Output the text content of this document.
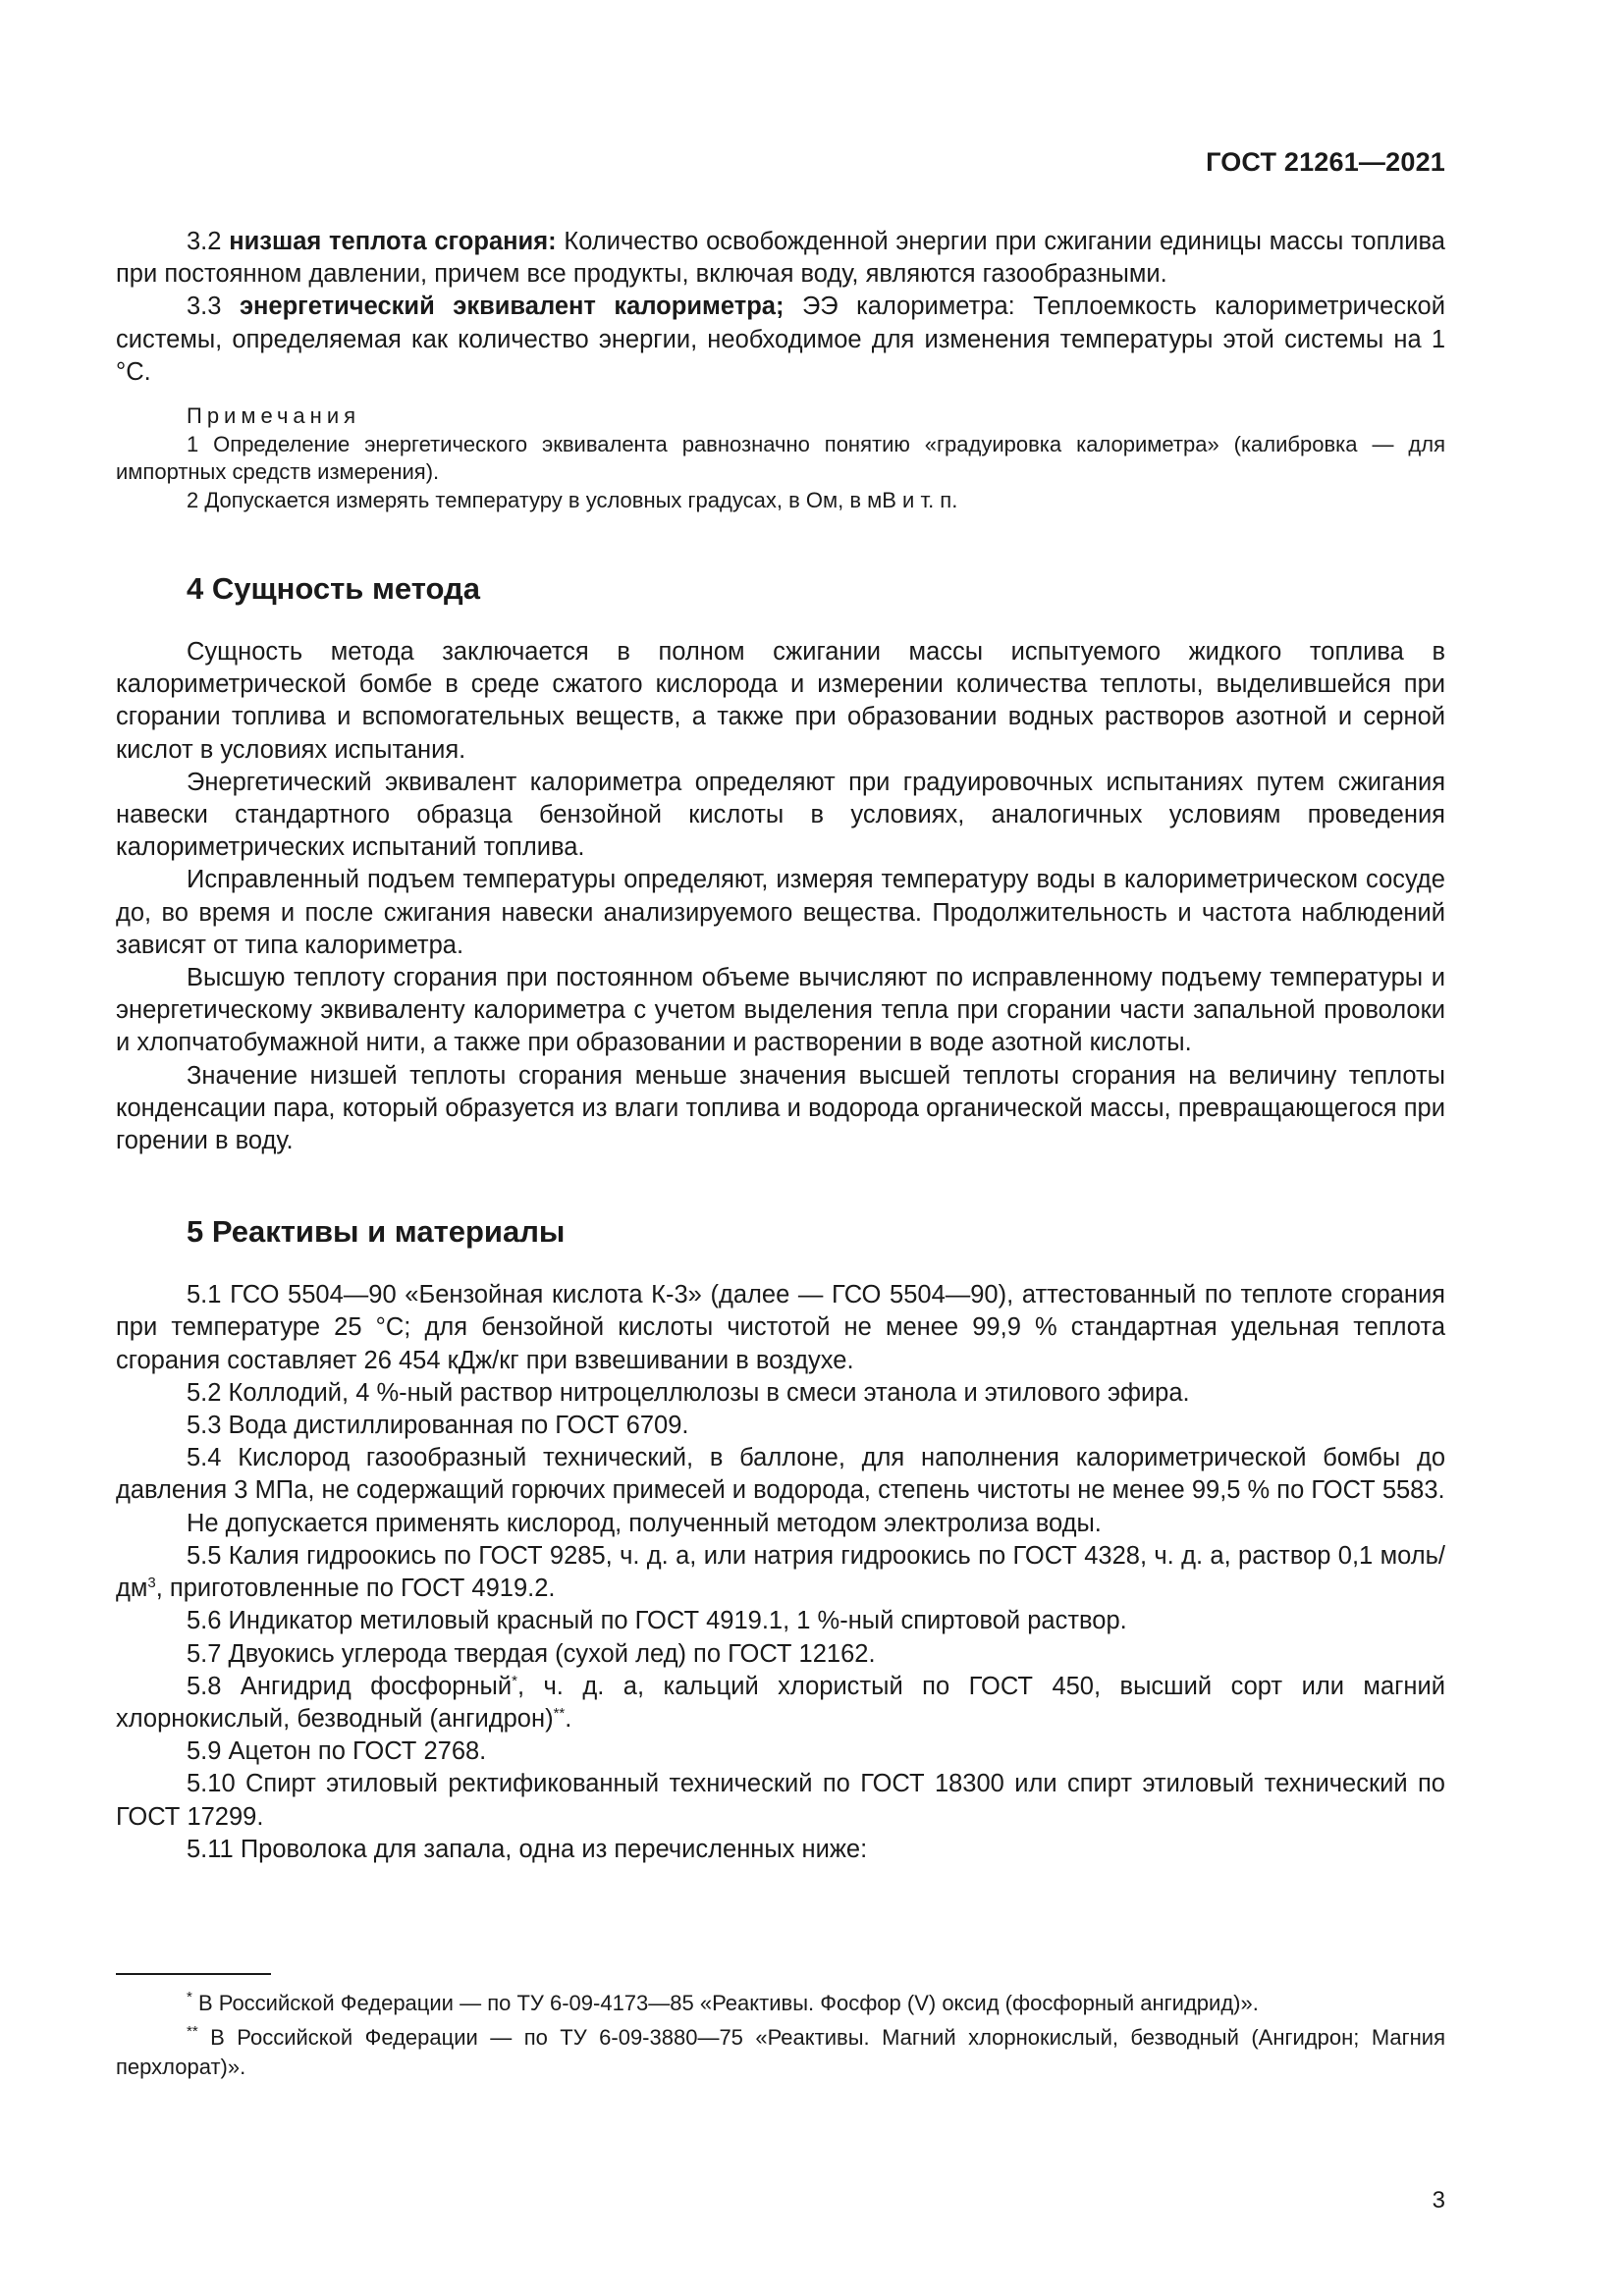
ГОСТ 21261—2021

3.2 низшая теплота сгорания: Количество освобожденной энергии при сжигании единицы массы топлива при постоянном давлении, причем все продукты, включая воду, являются газообразными.

3.3 энергетический эквивалент калориметра; ЭЭ калориметра: Теплоемкость калориметрической системы, определяемая как количество энергии, необходимое для изменения температуры этой системы на 1 °С.

Примечания

1 Определение энергетического эквивалента равнозначно понятию «градуировка калориметра» (калибровка — для импортных средств измерения).

2 Допускается измерять температуру в условных градусах, в Ом, в мВ и т. п.

4 Сущность метода

Сущность метода заключается в полном сжигании массы испытуемого жидкого топлива в калориметрической бомбе в среде сжатого кислорода и измерении количества теплоты, выделившейся при сгорании топлива и вспомогательных веществ, а также при образовании водных растворов азотной и серной кислот в условиях испытания.

Энергетический эквивалент калориметра определяют при градуировочных испытаниях путем сжигания навески стандартного образца бензойной кислоты в условиях, аналогичных условиям проведения калориметрических испытаний топлива.

Исправленный подъем температуры определяют, измеряя температуру воды в калориметрическом сосуде до, во время и после сжигания навески анализируемого вещества. Продолжительность и частота наблюдений зависят от типа калориметра.

Высшую теплоту сгорания при постоянном объеме вычисляют по исправленному подъему температуры и энергетическому эквиваленту калориметра с учетом выделения тепла при сгорании части запальной проволоки и хлопчатобумажной нити, а также при образовании и растворении в воде азотной кислоты.

Значение низшей теплоты сгорания меньше значения высшей теплоты сгорания на величину теплоты конденсации пара, который образуется из влаги топлива и водорода органической массы, превращающегося при горении в воду.

5 Реактивы и материалы

5.1 ГСО 5504—90 «Бензойная кислота К-3» (далее — ГСО 5504—90), аттестованный по теплоте сгорания при температуре 25 °С; для бензойной кислоты чистотой не менее 99,9 % стандартная удельная теплота сгорания составляет 26 454 кДж/кг при взвешивании в воздухе.

5.2 Коллодий, 4 %-ный раствор нитроцеллюлозы в смеси этанола и этилового эфира.

5.3 Вода дистиллированная по ГОСТ 6709.

5.4 Кислород газообразный технический, в баллоне, для наполнения калориметрической бомбы до давления 3 МПа, не содержащий горючих примесей и водорода, степень чистоты не менее 99,5 % по ГОСТ 5583.

Не допускается применять кислород, полученный методом электролиза воды.

5.5 Калия гидроокись по ГОСТ 9285, ч. д. а, или натрия гидроокись по ГОСТ 4328, ч. д. а, раствор 0,1 моль/$дм^3$, приготовленные по ГОСТ 4919.2.

5.6 Индикатор метиловый красный по ГОСТ 4919.1, 1 %-ный спиртовой раствор.

5.7 Двуокись углерода твердая (сухой лед) по ГОСТ 12162.

5.8 Ангидрид фосфорный*, ч. д. а, кальций хлористый по ГОСТ 450, высший сорт или магний хлорнокислый, безводный (ангидрон)**.

5.9 Ацетон по ГОСТ 2768.

5.10 Спирт этиловый ректификованный технический по ГОСТ 18300 или спирт этиловый технический по ГОСТ 17299.

5.11 Проволока для запала, одна из перечисленных ниже:

* В Российской Федерации — по ТУ 6-09-4173—85 «Реактивы. Фосфор (V) оксид (фосфорный ангидрид)».

** В Российской Федерации — по ТУ 6-09-3880—75 «Реактивы. Магний хлорнокислый, безводный (Ангидрон; Магния перхлорат)».

3
